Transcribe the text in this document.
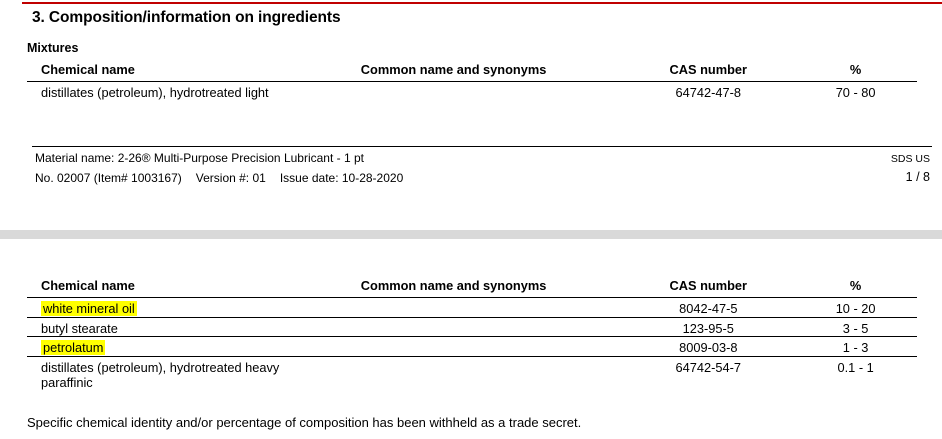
3. Composition/information on ingredients
Mixtures
Chemical name	Common name and synonyms	CAS number	%
distillates (petroleum), hydrotreated light		64742-47-8	70 - 80
Material name: 2-26® Multi-Purpose Precision Lubricant - 1 pt
No. 02007 (Item# 1003167) Version #: 01 Issue date: 10-28-2020
SDS US
1 / 8
Chemical name	Common name and synonyms	CAS number	%
white mineral oil		8042-47-5	10 - 20
butyl stearate		123-95-5	3 - 5
petrolatum		8009-03-8	1 - 3
distillates (petroleum), hydrotreated heavy paraffinic		64742-54-7	0.1 - 1
Specific chemical identity and/or percentage of composition has been withheld as a trade secret.
